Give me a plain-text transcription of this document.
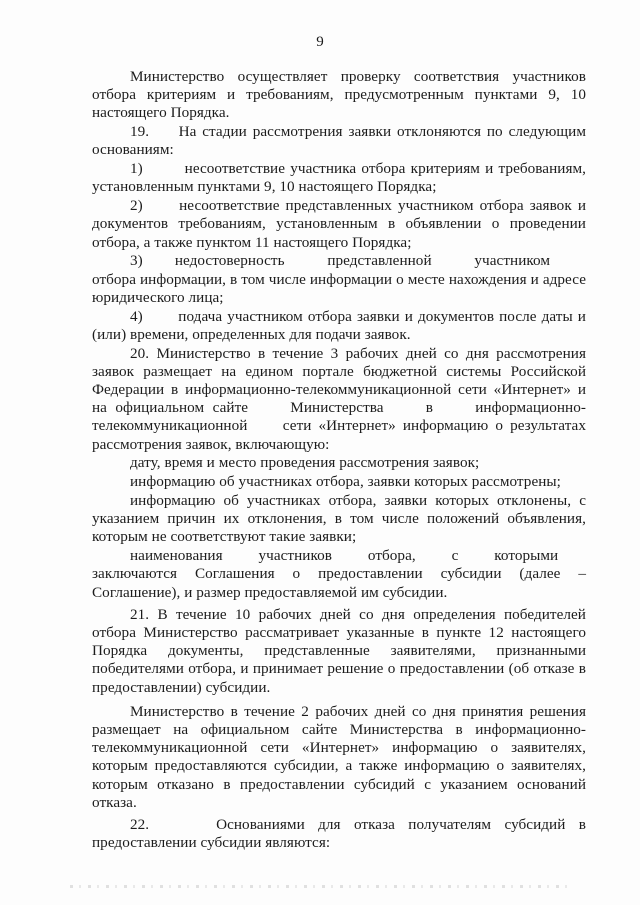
9

Министерство осуществляет проверку соответствия участников отбора критериям и требованиям, предусмотренным пунктами 9, 10 настоящего Порядка.

19.     На стадии рассмотрения заявки отклоняются по следующим основаниям:

1)        несоответствие участника отбора критериям и требованиям, установленным пунктами 9, 10 настоящего Порядка;

2)      несоответствие представленных участником отбора заявок и документов требованиям, установленным в объявлении о проведении отбора, а также пунктом 11 настоящего Порядка;

3)      недостоверность        представленной        участником        отбора информации, в том числе информации о месте нахождения и адресе юридического лица;

4)       подача участником отбора заявки и документов после даты и (или) времени, определенных для подачи заявок.

20. Министерство в течение 3 рабочих дней со дня рассмотрения заявок размещает на едином портале бюджетной системы Российской Федерации в информационно-телекоммуникационной сети «Интернет» и на официальном сайте     Министерства     в     информационно-телекоммуникационной     сети «Интернет» информацию о результатах рассмотрения заявок, включающую:

дату, время и место проведения рассмотрения заявок;

информацию об участниках отбора, заявки которых рассмотрены;

информацию об участниках отбора, заявки которых отклонены, с указанием причин их отклонения, в том числе положений объявления, которым не соответствуют такие заявки;

наименования      участников      отбора,      с      которыми      заключаются Соглашения о предоставлении субсидии (далее – Соглашение), и размер предоставляемой им субсидии.

21. В течение 10 рабочих дней со дня определения победителей отбора Министерство рассматривает указанные в пункте 12 настоящего Порядка документы, представленные заявителями, признанными победителями отбора, и принимает решение о предоставлении (об отказе в предоставлении) субсидии.

Министерство в течение 2 рабочих дней со дня принятия решения размещает на официальном сайте Министерства в информационно-телекоммуникационной сети «Интернет» информацию о заявителях, которым предоставляются субсидии, а также информацию о заявителях, которым отказано в предоставлении субсидий с указанием оснований отказа.

22.     Основаниями для отказа получателям субсидий в предоставлении субсидии являются:
